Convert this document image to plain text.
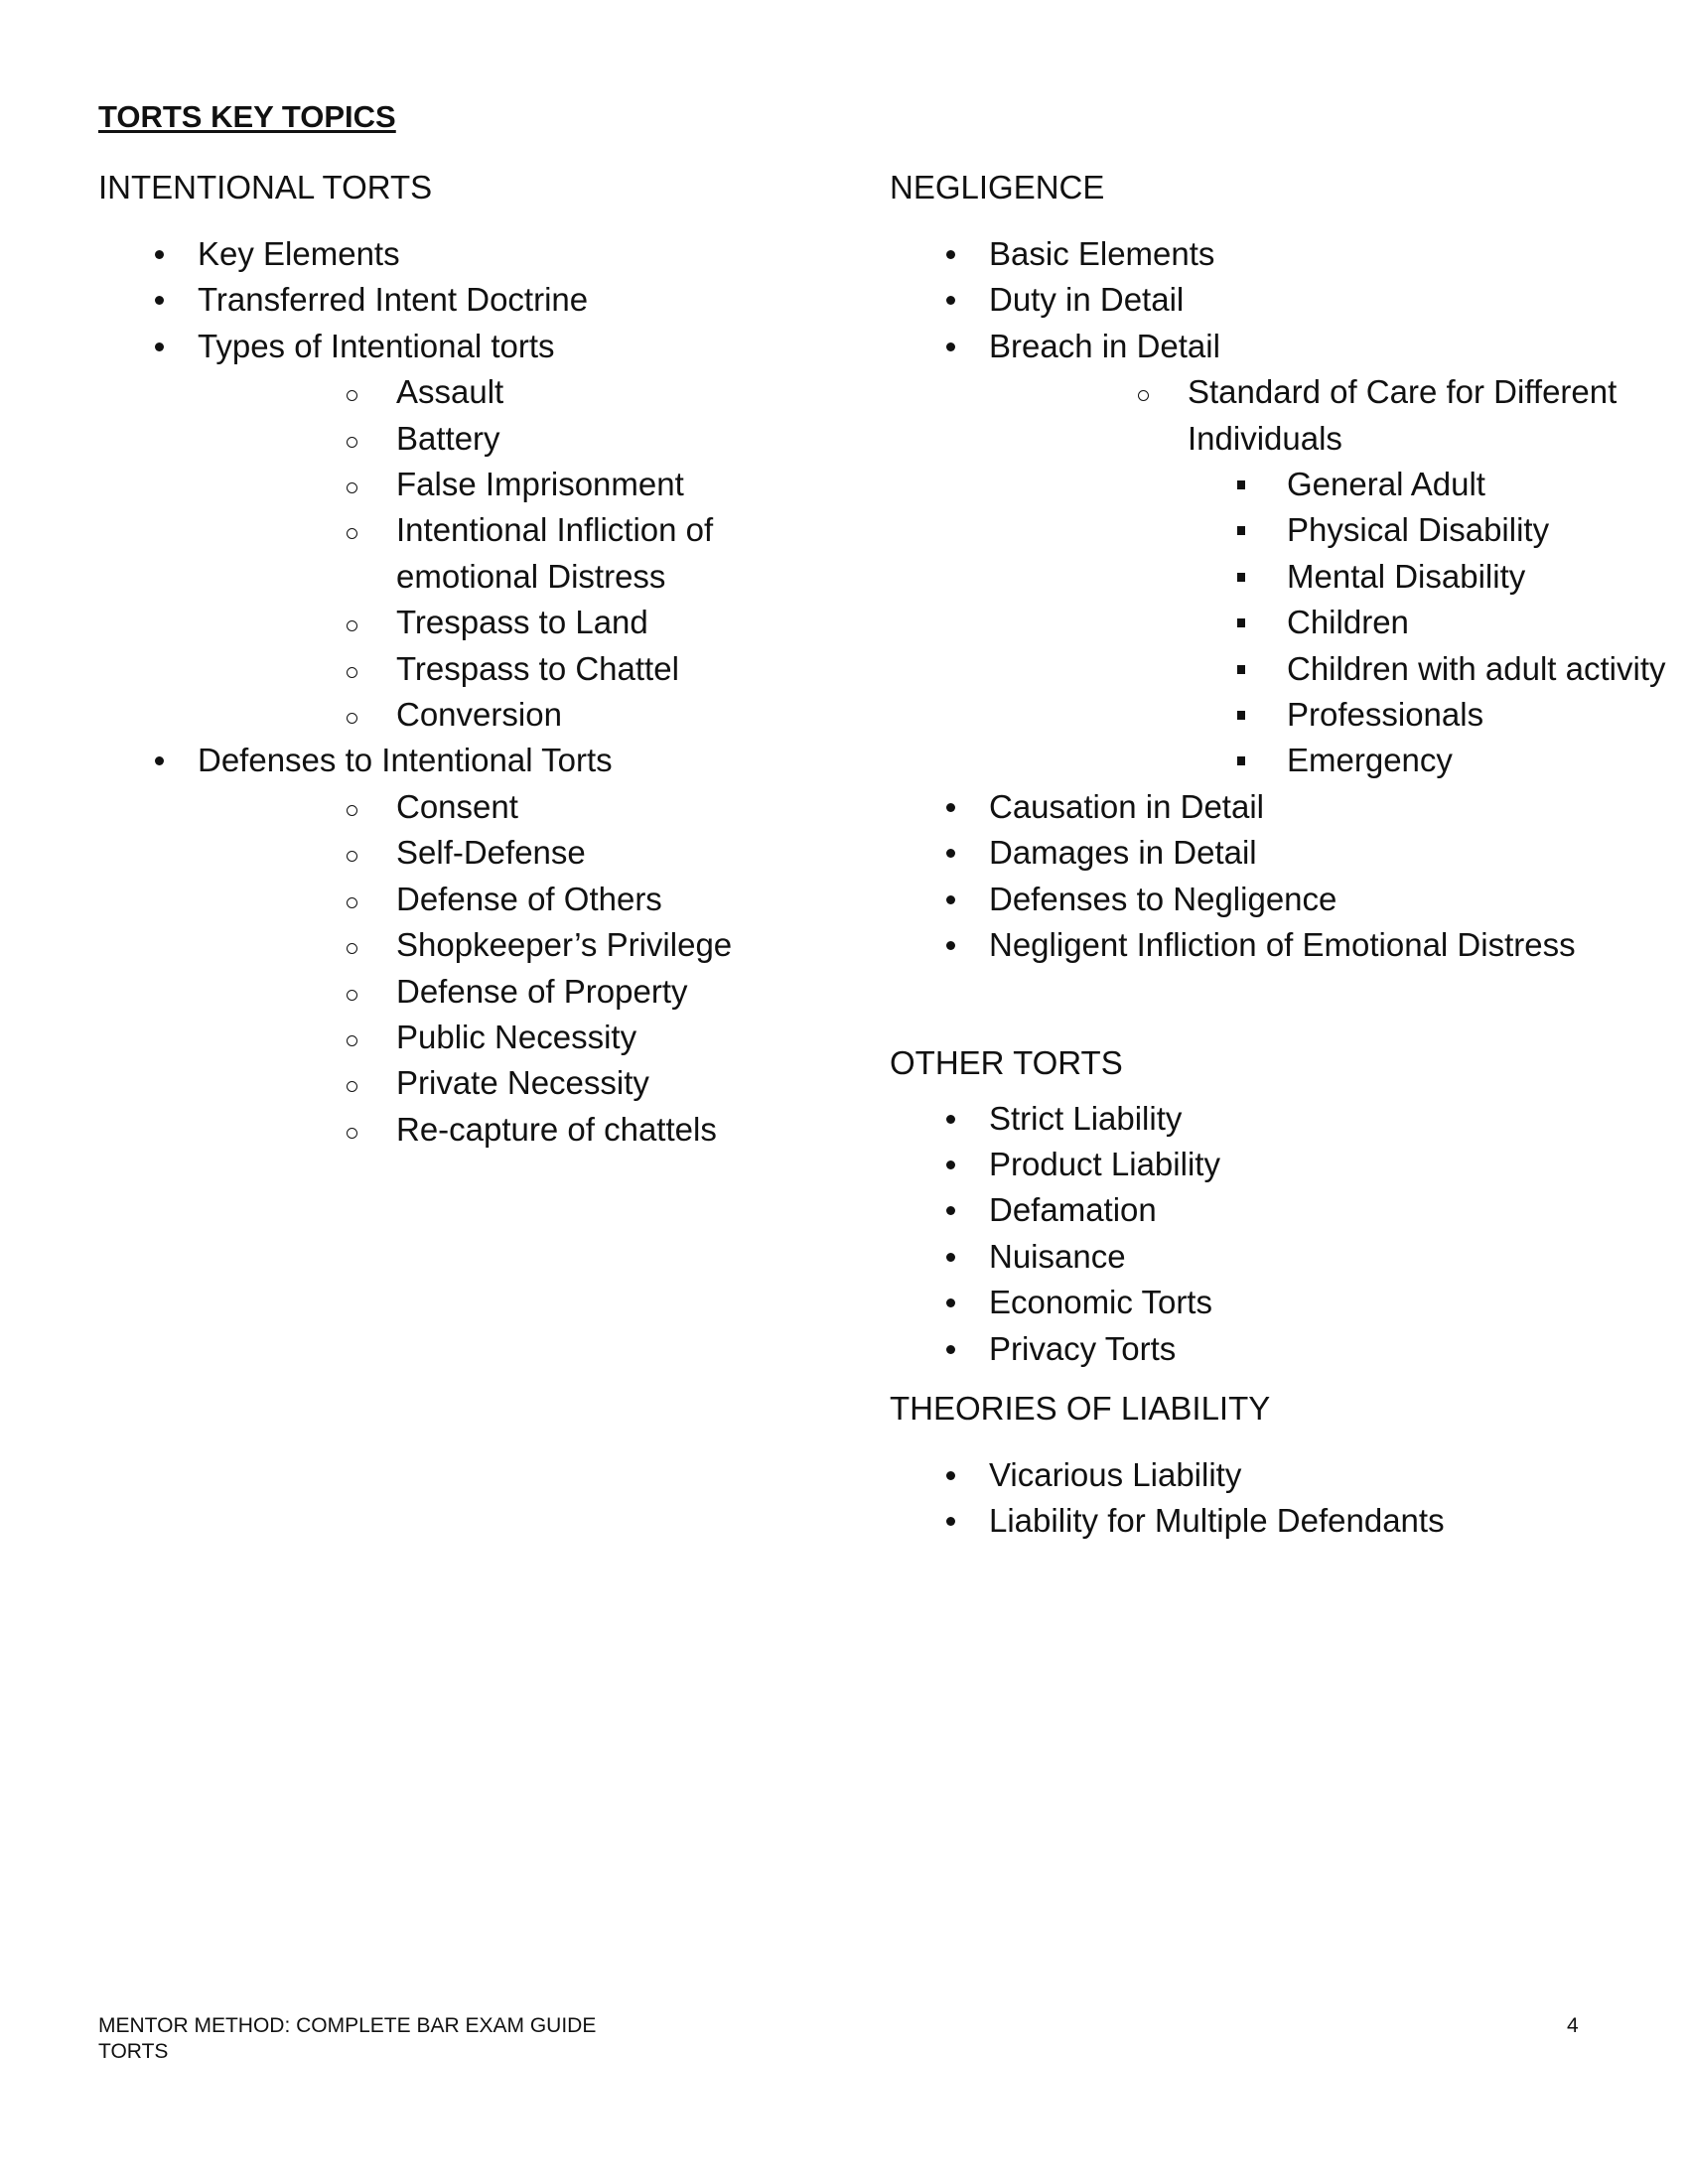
TORTS KEY TOPICS
INTENTIONAL TORTS
Key Elements
Transferred Intent Doctrine
Types of Intentional torts
Assault
Battery
False Imprisonment
Intentional Infliction of emotional Distress
Trespass to Land
Trespass to Chattel
Conversion
Defenses to Intentional Torts
Consent
Self-Defense
Defense of Others
Shopkeeper’s Privilege
Defense of Property
Public Necessity
Private Necessity
Re-capture of chattels
NEGLIGENCE
Basic Elements
Duty in Detail
Breach in Detail
Standard of Care for Different Individuals
General Adult
Physical Disability
Mental Disability
Children
Children with adult activity
Professionals
Emergency
Causation in Detail
Damages in Detail
Defenses to Negligence
Negligent Infliction of Emotional Distress
OTHER TORTS
Strict Liability
Product Liability
Defamation
Nuisance
Economic Torts
Privacy Torts
THEORIES OF LIABILITY
Vicarious Liability
Liability for Multiple Defendants
MENTOR METHOD: COMPLETE BAR EXAM GUIDE
TORTS
4
